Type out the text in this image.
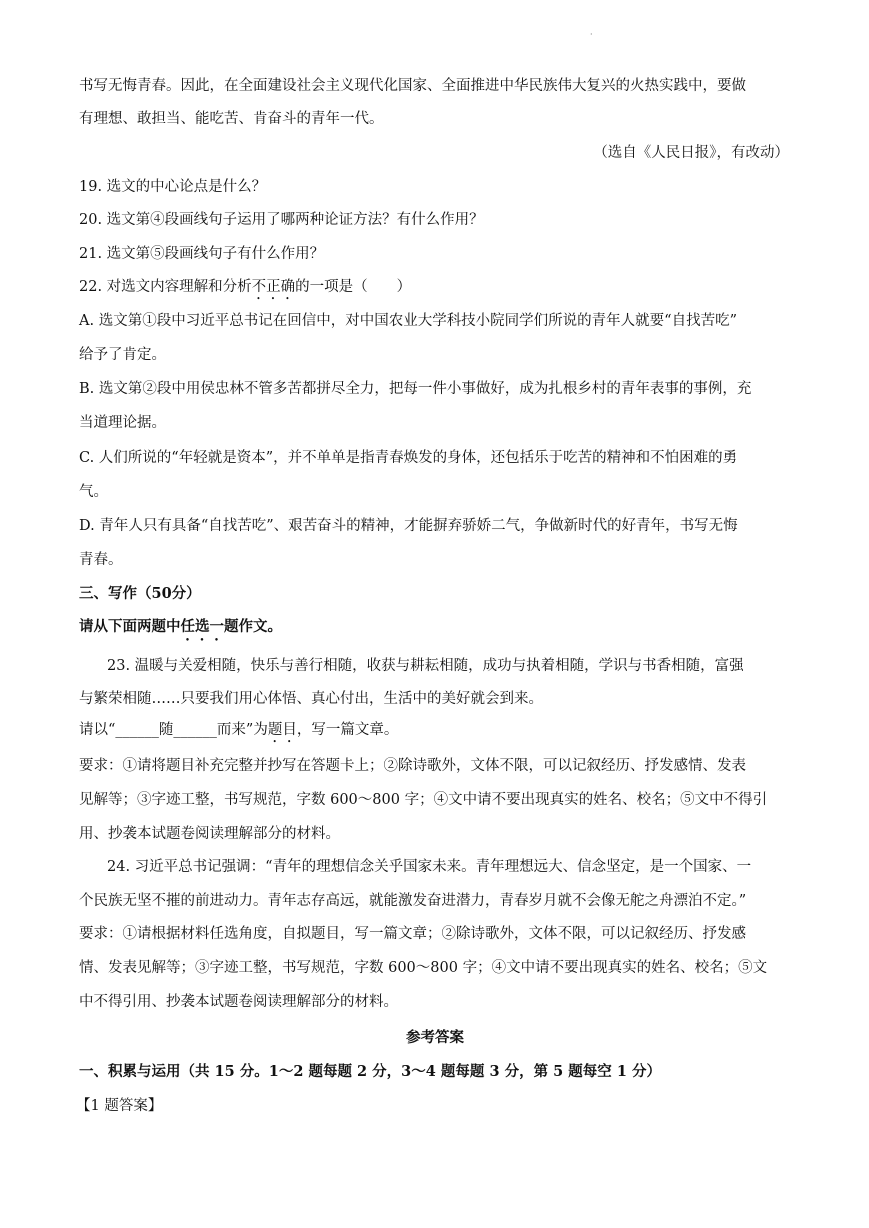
·
书写无悔青春。因此，在全面建设社会主义现代化国家、全面推进中华民族伟大复兴的火热实践中，要做
有理想、敢担当、能吃苦、肯奋斗的青年一代。
（选自《人民日报》，有改动）
19. 选文的中心论点是什么？
20. 选文第④段画线句子运用了哪两种论证方法？有什么作用？
21. 选文第⑤段画线句子有什么作用？
22. 对选文内容理解和分析不正确的一项是（　　）
A. 选文第①段中习近平总书记在回信中，对中国农业大学科技小院同学们所说的青年人就要“自找苦吃”
给予了肯定。
B. 选文第②段中用侯忠林不管多苦都拼尽全力，把每一件小事做好，成为扎根乡村的青年表事的事例，充
当道理论据。
C. 人们所说的“年轻就是资本”，并不单单是指青春焕发的身体，还包括乐于吃苦的精神和不怕困难的勇
气。
D. 青年人只有具备“自找苦吃”、艰苦奋斗的精神，才能摒弃骄娇二气，争做新时代的好青年，书写无悔
青春。
三、写作（50分）
请从下面两题中任选一题作文。
23. 温暖与关爱相随，快乐与善行相随，收获与耕耘相随，成功与执着相随，学识与书香相随，富强
与繁荣相随……只要我们用心体悟、真心付出，生活中的美好就会到来。
请以“______随______而来”为题目，写一篇文章。
要求：①请将题目补充完整并抄写在答题卡上；②除诗歌外，文体不限，可以记叙经历、抒发感情、发表
见解等；③字迹工整，书写规范，字数 600～800 字；④文中请不要出现真实的姓名、校名；⑤文中不得引
用、抄袭本试题卷阅读理解部分的材料。
24. 习近平总书记强调：“青年的理想信念关乎国家未来。青年理想远大、信念坚定，是一个国家、一
个民族无坚不摧的前进动力。青年志存高远，就能激发奋进潜力，青春岁月就不会像无舵之舟漂泊不定。”
要求：①请根据材料任选角度，自拟题目，写一篇文章；②除诗歌外，文体不限，可以记叙经历、抒发感
情、发表见解等；③字迹工整，书写规范，字数 600～800 字；④文中请不要出现真实的姓名、校名；⑤文
中不得引用、抄袭本试题卷阅读理解部分的材料。
参考答案
一、积累与运用（共 15 分。1～2 题每题 2 分，3～4 题每题 3 分，第 5 题每空 1 分）
【1 题答案】
